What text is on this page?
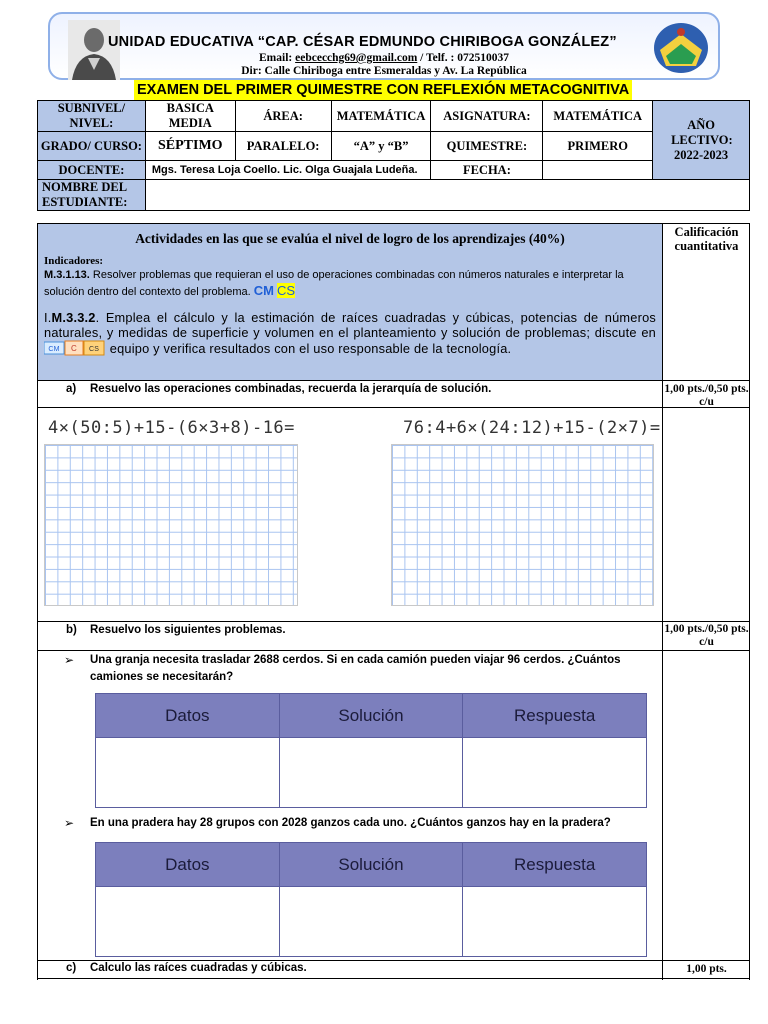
UNIDAD EDUCATIVA “CAP. CÉSAR EDMUNDO CHIRIBOGA GONZÁLEZ”
Email: eebcecchg69@gmail.com / Telf. : 072510037
Dir: Calle Chiriboga entre Esmeraldas y Av. La República
EXAMEN DEL PRIMER QUIMESTRE CON REFLEXIÓN METACOGNITIVA
SUBNIVEL/ NIVEL:	BASICA MEDIA	ÁREA:	MATEMÁTICA	ASIGNATURA:	MATEMÁTICA	AÑO LECTIVO:
2022-2023

GRADO/ CURSO:	SÉPTIMO	PARALELO:	“A” y “B”	QUIMESTRE:	PRIMERO	
DOCENTE:	Mgs. Teresa Loja Coello. Lic. Olga Guajala Ludeña.			FECHA:		
NOMBRE DEL ESTUDIANTE:						
Actividades en las que se evalúa el nivel de logro de los aprendizajes (40%)	Calificación cuantitativa
Indicadores:
M.3.1.13. Resolver problemas que requieran el uso de operaciones combinadas con números naturales e interpretar la solución dentro del contexto del problema. CM CS
I.M.3.3.2. Emplea el cálculo y la estimación de raíces cuadradas y cúbicas, potencias de números naturales, y medidas de superficie y volumen en el planteamiento y solución de problemas; discute en
CM C CS equipo y verifica resultados con el uso responsable de la tecnología.
a) Resuelvo las operaciones combinadas, recuerda la jerarquía de solución.	1,00 pts./0,50 pts. c/u
4×(50:5)+15-(6×3+8)-16=	76:4+6×(24:12)+15-(2×7)=
b) Resuelvo los siguientes problemas.	1,00 pts./0,50 pts. c/u
➢ Una granja necesita trasladar 2688 cerdos. Si en cada camión pueden viajar 96 cerdos. ¿Cuántos camiones se necesitarán?
Datos	Solución	Respuesta

➢ En una pradera hay 28 grupos con 2028 ganzos cada uno. ¿Cuántos ganzos hay en la pradera?
Datos	Solución	Respuesta

c) Calculo las raíces cuadradas y cúbicas.	1,00 pts.
